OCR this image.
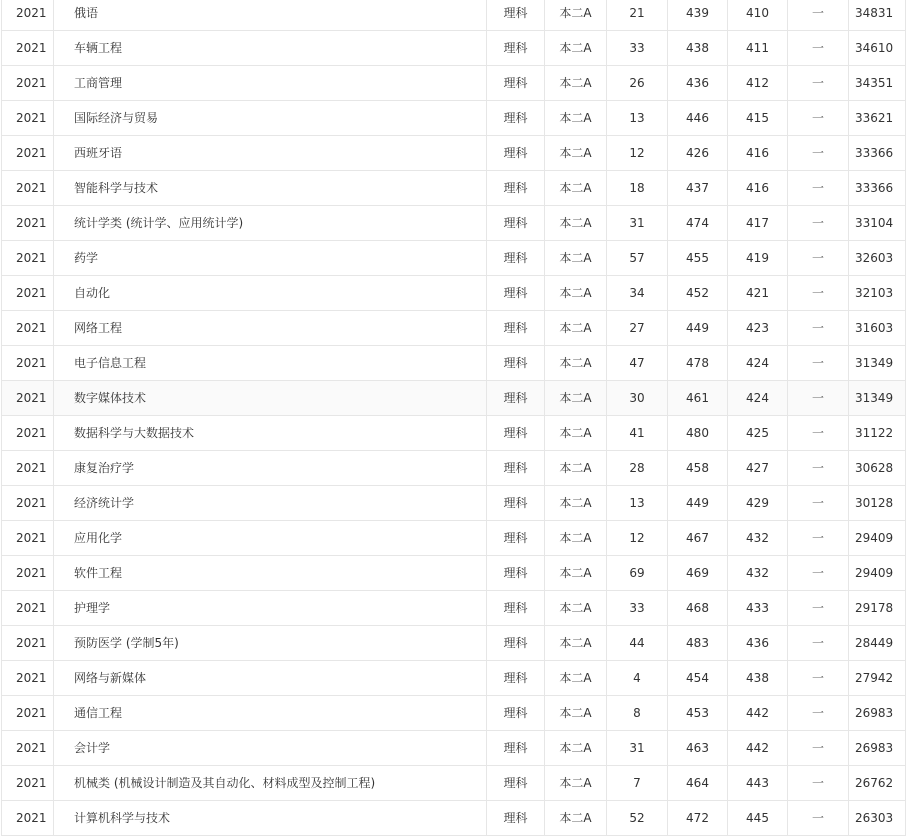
2021	俄语	理科	本二A	21	439	410	一	34831
2021	车辆工程	理科	本二A	33	438	411	一	34610
2021	工商管理	理科	本二A	26	436	412	一	34351
2021	国际经济与贸易	理科	本二A	13	446	415	一	33621
2021	西班牙语	理科	本二A	12	426	416	一	33366
2021	智能科学与技术	理科	本二A	18	437	416	一	33366
2021	统计学类 (统计学、应用统计学)	理科	本二A	31	474	417	一	33104
2021	药学	理科	本二A	57	455	419	一	32603
2021	自动化	理科	本二A	34	452	421	一	32103
2021	网络工程	理科	本二A	27	449	423	一	31603
2021	电子信息工程	理科	本二A	47	478	424	一	31349
2021	数字媒体技术	理科	本二A	30	461	424	一	31349
2021	数据科学与大数据技术	理科	本二A	41	480	425	一	31122
2021	康复治疗学	理科	本二A	28	458	427	一	30628
2021	经济统计学	理科	本二A	13	449	429	一	30128
2021	应用化学	理科	本二A	12	467	432	一	29409
2021	软件工程	理科	本二A	69	469	432	一	29409
2021	护理学	理科	本二A	33	468	433	一	29178
2021	预防医学 (学制5年)	理科	本二A	44	483	436	一	28449
2021	网络与新媒体	理科	本二A	4	454	438	一	27942
2021	通信工程	理科	本二A	8	453	442	一	26983
2021	会计学	理科	本二A	31	463	442	一	26983
2021	机械类 (机械设计制造及其自动化、材料成型及控制工程)	理科	本二A	7	464	443	一	26762
2021	计算机科学与技术	理科	本二A	52	472	445	一	26303
